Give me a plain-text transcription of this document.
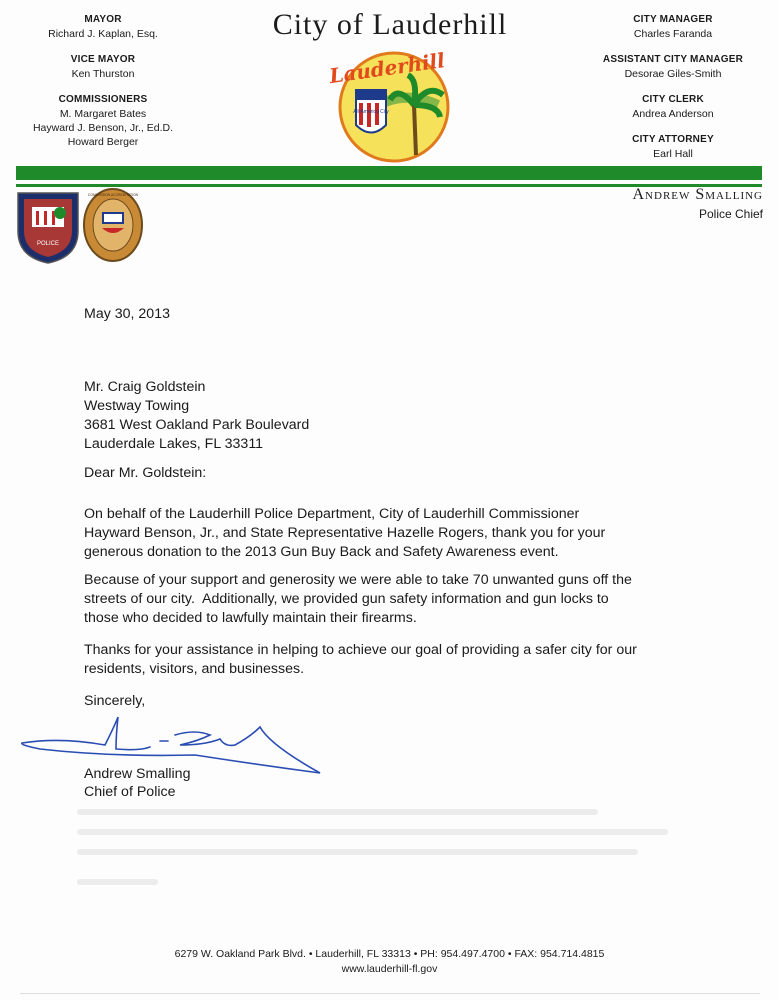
MAYOR
Richard J. Kaplan, Esq.
VICE MAYOR
Ken Thurston
COMMISSIONERS
M. Margaret Bates
Hayward J. Benson, Jr., Ed.D.
Howard Berger
City of Lauderhill
Lauderhill
All-America City
CITY MANAGER
Charles Faranda
ASSISTANT CITY MANAGER
Desorae Giles-Smith
CITY CLERK
Andrea Anderson
CITY ATTORNEY
Earl Hall
POLICE
COMMISSION ACCREDITATION	Andrew Smalling
Police Chief
May 30, 2013
Mr. Craig Goldstein
Westway Towing
3681 West Oakland Park Boulevard
Lauderdale Lakes, FL 33311
Dear Mr. Goldstein:
On behalf of the Lauderhill Police Department, City of Lauderhill Commissioner
Hayward Benson, Jr., and State Representative Hazelle Rogers, thank you for your
generous donation to the 2013 Gun Buy Back and Safety Awareness event.
Because of your support and generosity we were able to take 70 unwanted guns off the
streets of our city.  Additionally, we provided gun safety information and gun locks to
those who decided to lawfully maintain their firearms.
Thanks for your assistance in helping to achieve our goal of providing a safer city for our
residents, visitors, and businesses.
Sincerely,
Andrew Smalling
Chief of Police
6279 W. Oakland Park Blvd. • Lauderhill, FL 33313 • PH: 954.497.4700 • FAX: 954.714.4815
www.lauderhill-fl.gov
